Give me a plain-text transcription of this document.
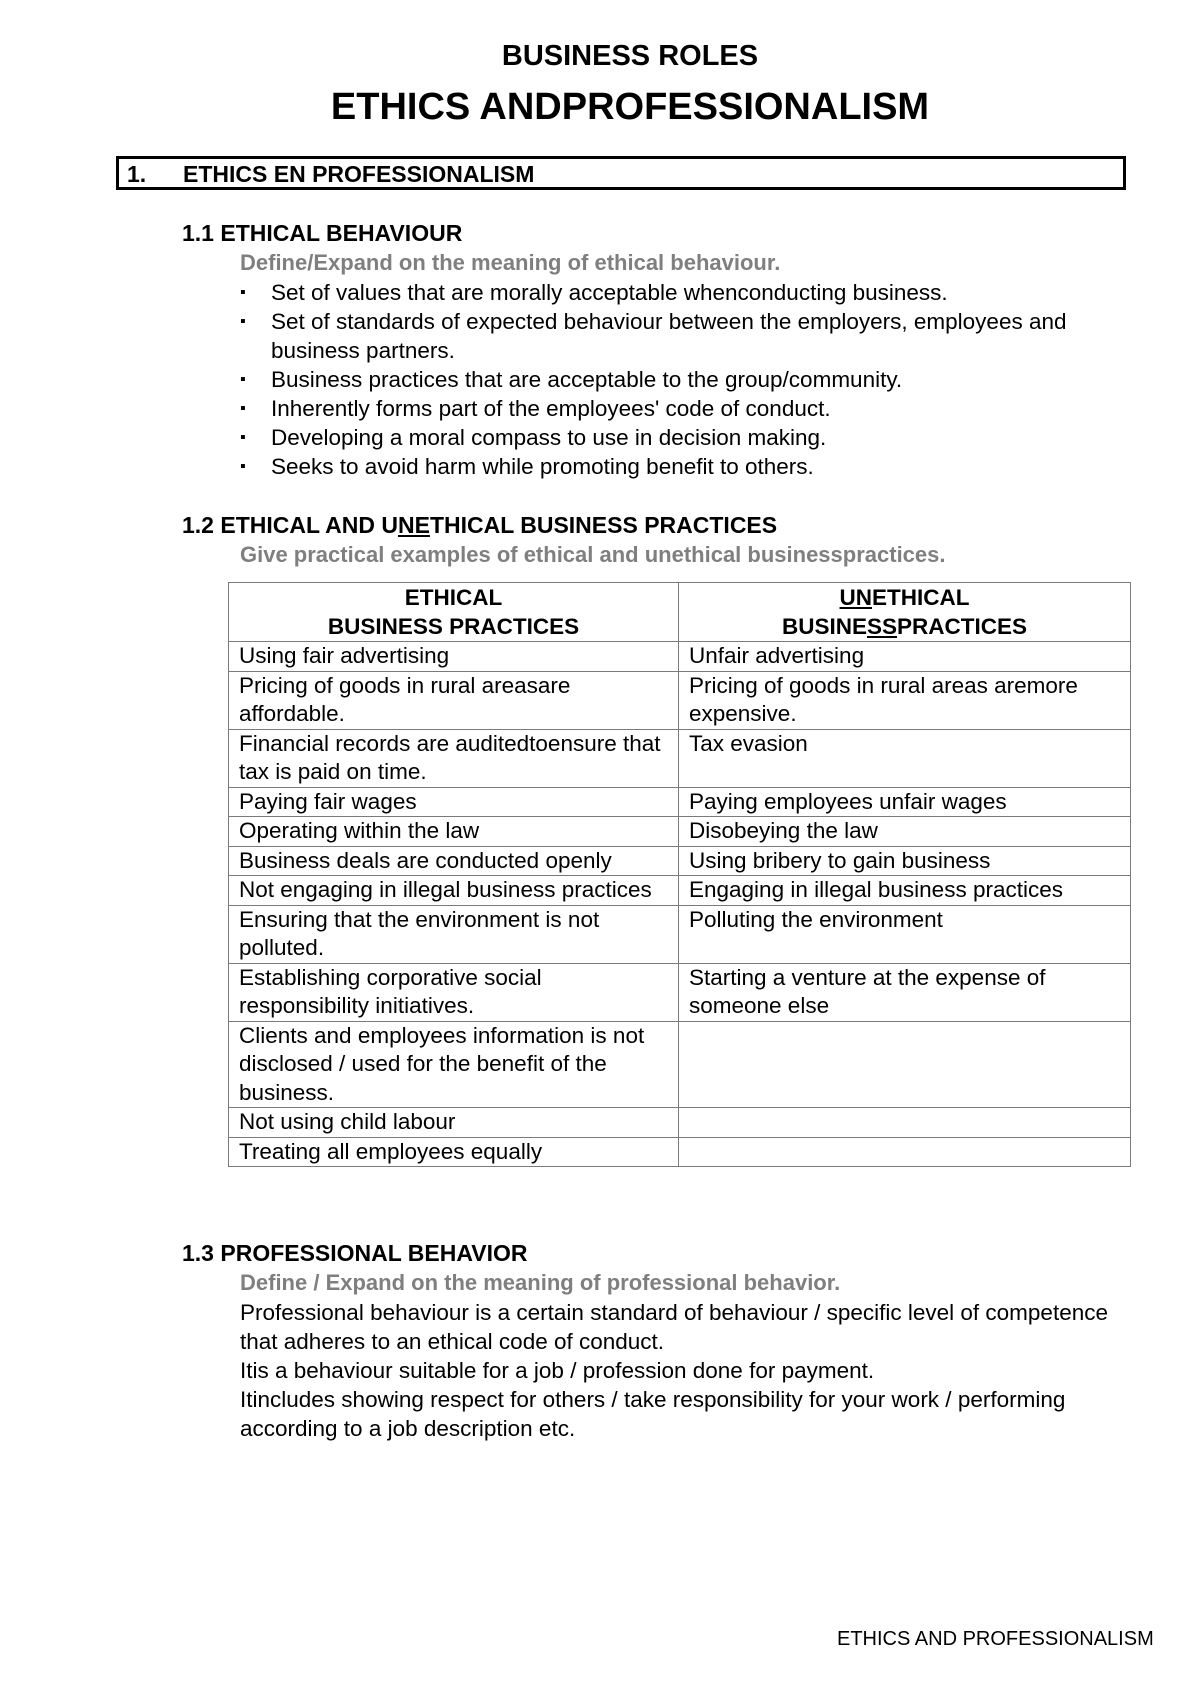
BUSINESS ROLES
ETHICS ANDPROFESSIONALISM
1. ETHICS EN PROFESSIONALISM
1.1 ETHICAL BEHAVIOUR
Define/Expand on the meaning of ethical behaviour.
▪ Set of values that are morally acceptable whenconducting business.
▪ Set of standards of expected behaviour between the employers, employees and business partners.
▪ Business practices that are acceptable to the group/community.
▪ Inherently forms part of the employees' code of conduct.
▪ Developing a moral compass to use in decision making.
▪ Seeks to avoid harm while promoting benefit to others.
1.2 ETHICAL AND UNETHICAL BUSINESS PRACTICES
Give practical examples of ethical and unethical businesspractices.
ETHICAL
BUSINESS PRACTICES	UNETHICAL
BUSINESSPRACTICES
Using fair advertising	Unfair advertising
Pricing of goods in rural areasare affordable.	Pricing of goods in rural areas aremore expensive.
Financial records are auditedtoensure that tax is paid on time.	Tax evasion
Paying fair wages	Paying employees unfair wages
Operating within the law	Disobeying the law
Business deals are conducted openly	Using bribery to gain business
Not engaging in illegal business practices	Engaging in illegal business practices
Ensuring that the environment is not polluted.	Polluting the environment
Establishing corporative social responsibility initiatives.	Starting a venture at the expense of someone else
Clients and employees information is not disclosed / used for the benefit of the business.	
Not using child labour	
Treating all employees equally	
1.3 PROFESSIONAL BEHAVIOR
Define / Expand on the meaning of professional behavior.
Professional behaviour is a certain standard of behaviour / specific level of competence that adheres to an ethical code of conduct.
Itis a behaviour suitable for a job / profession done for payment.
Itincludes showing respect for others / take responsibility for your work / performing according to a job description etc.
ETHICS AND PROFESSIONALISM
